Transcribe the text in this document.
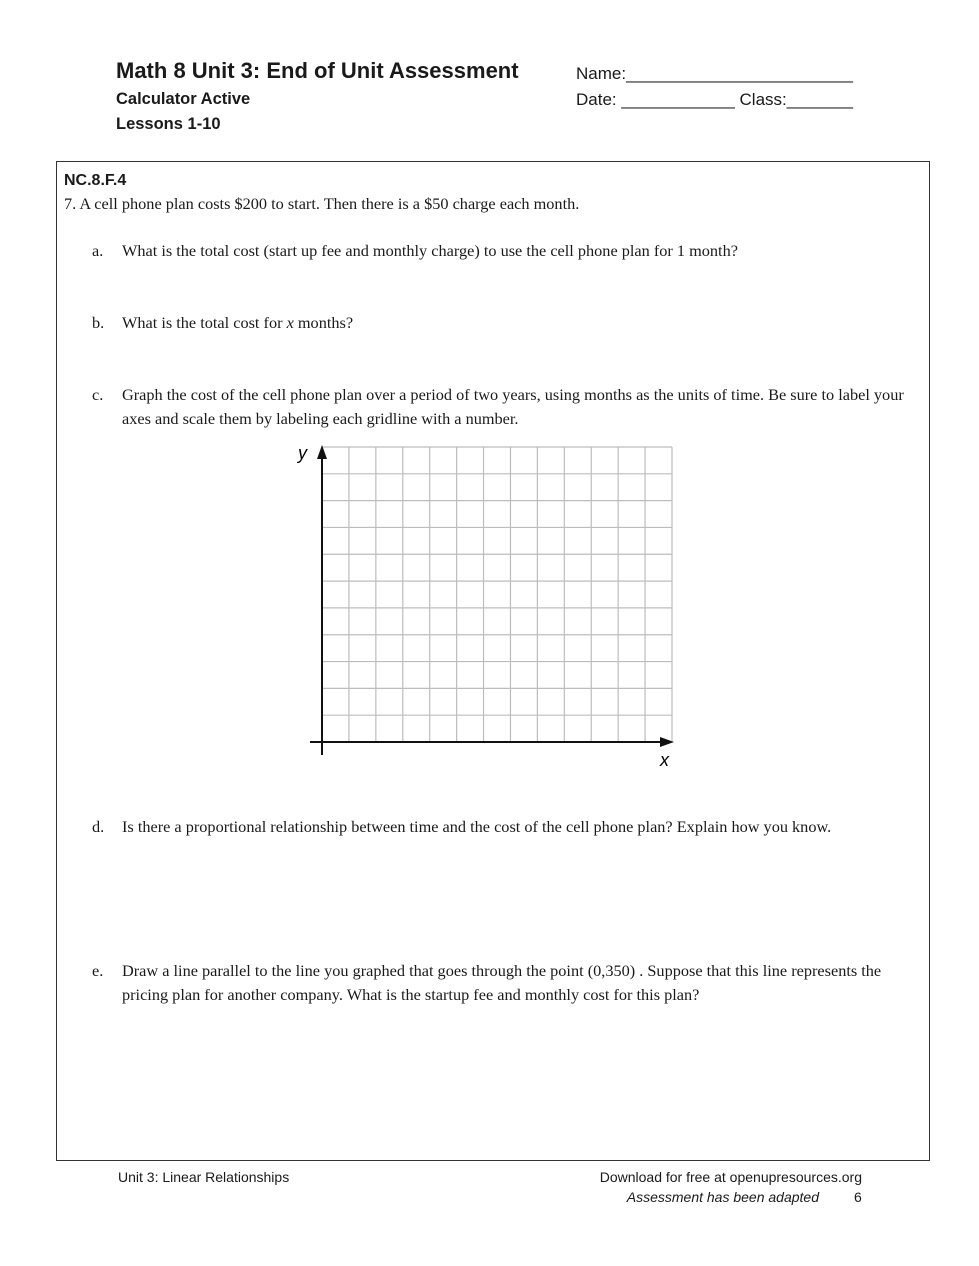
Math 8 Unit 3: End of Unit Assessment
Calculator Active
Lessons 1-10
Name:________________________
Date: ____________ Class:_______
NC.8.F.4
7. A cell phone plan costs $200 to start. Then there is a $50 charge each month.
a.	What is the total cost (start up fee and monthly charge) to use the cell phone plan for 1 month?
b.	What is the total cost for x months?
c.	Graph the cost of the cell phone plan over a period of two years, using months as the units of time. Be sure to label your axes and scale them by labeling each gridline with a number.
y
x
d.	Is there a proportional relationship between time and the cost of the cell phone plan? Explain how you know.
e.	Draw a line parallel to the line you graphed that goes through the point (0,350) . Suppose that this line represents the pricing plan for another company. What is the startup fee and monthly cost for this plan?
Unit 3: Linear Relationships	Download for free at openupresources.org
Assessment has been adapted	6
